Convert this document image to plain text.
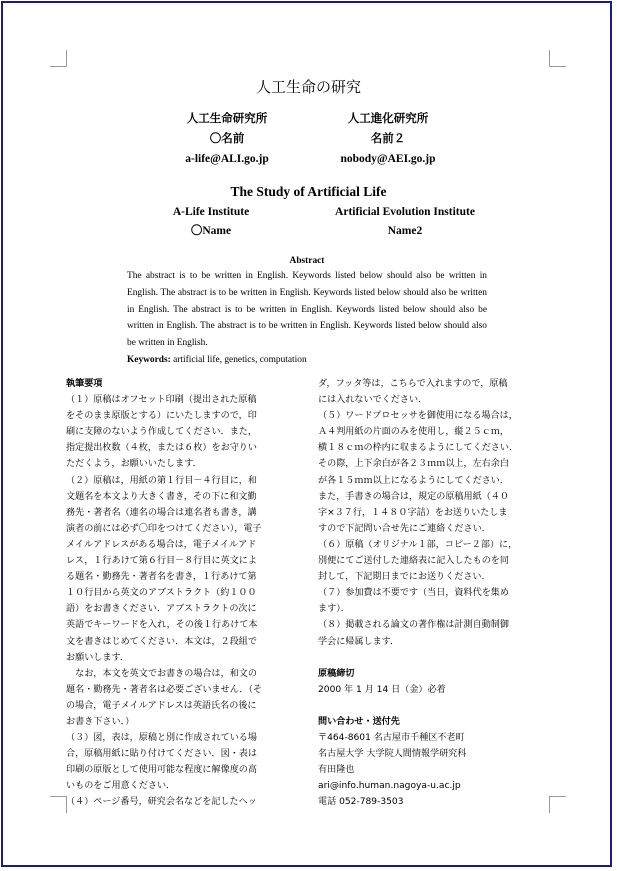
人工生命の研究
人工生命研究所
〇名前
a-life@ALI.go.jp
人工進化研究所
名前２
nobody@AEI.go.jp
The Study of Artificial Life
A-Life Institute
〇Name
Artificial Evolution Institute
Name2
Abstract

The abstract is to be written in English. Keywords listed below should also be written in English. The abstract is to be written in English. Keywords listed below should also be written in English. The abstract is to be written in English. Keywords listed below should also be written in English. The abstract is to be written in English. Keywords listed below should also be written in English.

Keywords: artificial life, genetics, computation

執筆要項

（１）原稿はオフセット印刷（提出された原稿

をそのまま原版とする）にいたしますので，印

刷に支障のないよう作成してください．また，

指定提出枚数（４枚，または６枚）をお守りい

ただくよう，お願いいたします．

（２）原稿は，用紙の第１行目－４行目に，和

文題名を本文より大きく書き，その下に和文勤

務先・著者名（連名の場合は連名者も書き，講

演者の前には必ず〇印をつけてください），電子

メイルアドレスがある場合は，電子メイルアド

レス，１行あけて第６行目－８行目に英文によ

る題名・勤務先・著者名を書き，１行あけて第

１０行目から英文のアブストラクト（約１００

語）をお書きください．アブストラクトの次に

英語でキーワードを入れ，その後１行あけて本

文を書きはじめてください．本文は，２段組で

お願いします．

　なお，本文を英文でお書きの場合は，和文の

題名・勤務先・著者名は必要ございません．（そ

の場合，電子メイルアドレスは英語氏名の後に

お書き下さい．）

（３）図，表は，原稿と別に作成されている場

合，原稿用紙に貼り付けてください．図・表は

印刷の原版として使用可能な程度に解像度の高

いものをご用意ください．

（４）ページ番号，研究会名などを記したヘッ

ダ，フッタ等は，こちらで入れますので，原稿

には入れないでください．

（５）ワードプロセッサを御使用になる場合は，

Ａ４判用紙の片面のみを使用し，縦２５ｃｍ，

横１８ｃｍの枠内に収まるようにしてください．

その際，上下余白が各２３ｍｍ以上，左右余白

が各１５ｍｍ以上になるようにしてください．

また，手書きの場合は，規定の原稿用紙（４０

字×３７行，１４８０字詰）をお送りいたしま

すので下記問い合せ先にご連絡ください．

（６）原稿（オリジナル１部，コピー２部）に，

別便にてご送付した連絡表に記入したものを同

封して，下記期日までにお送りください．

（７）参加費は不要です（当日，資料代を集め

ます）．

（８）掲載される論文の著作権は計測自動制御

学会に帰属します．

原稿締切

2000 年 1 月 14 日（金）必着

問い合わせ・送付先

〒464-8601 名古屋市千種区不老町

名古屋大学 大学院人間情報学研究科

有田隆也

ari@info.human.nagoya-u.ac.jp

電話 052-789-3503
